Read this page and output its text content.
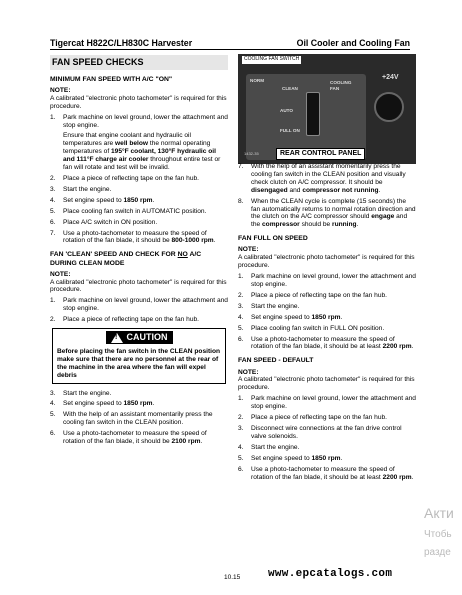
Tigercat H822C/LH830C Harvester	Oil Cooler and Cooling Fan
FAN SPEED CHECKS
MINIMUM FAN SPEED WITH A/C "ON"
NOTE:
A calibrated "electronic photo tachometer" is required for this procedure.
1. Park machine on level ground, lower the attachment and stop engine.
Ensure that engine coolant and hydraulic oil temperatures are well below the normal operating temperatures of 195°F coolant, 130°F hydraulic oil and 111°F charge air cooler throughout entire test or fan will rotate and test will be invalid.
2. Place a piece of reflecting tape on the fan hub.
3. Start the engine.
4. Set engine speed to 1850 rpm.
5. Place cooling fan switch in AUTOMATIC position.
6. Place A/C switch in ON position.
7. Use a photo-tachometer to measure the speed of rotation of the fan blade, it should be 800-1000 rpm.
FAN 'CLEAN' SPEED AND CHECK FOR NO A/C DURING CLEAN MODE
NOTE:
A calibrated "electronic photo tachometer" is required for this procedure.
1. Park machine on level ground, lower the attachment and stop engine.
2. Place a piece of reflecting tape on the fan hub.
! CAUTION
Before placing the fan switch in the CLEAN position make sure that there are no personnel at the rear of the machine in the area where the fan will expel debris
3. Start the engine.
4. Set engine speed to 1850 rpm.
5. With the help of an assistant momentarily press the cooling fan switch in the CLEAN position.
6. Use a photo-tachometer to measure the speed of rotation of the fan blade, it should be 2100 rpm.
NORM
CLEAN
AUTO
FULL ON
COOLING FAN
COOLING FAN SWITCH
+24V
1432-35	REAR CONTROL PANEL
7. With the help of an assistant momentarily press the cooling fan switch in the CLEAN position and visually check clutch on A/C compressor. It should be disengaged and compressor not running.
8. When the CLEAN cycle is complete (15 seconds) the fan automatically returns to normal rotation direction and the clutch on the A/C compressor should engage and the compressor should be running.
FAN FULL ON SPEED
NOTE:
A calibrated "electronic photo tachometer" is required for this procedure.
1. Park machine on level ground, lower the attachment and stop engine.
2. Place a piece of reflecting tape on the fan hub.
3. Start the engine.
4. Set engine speed to 1850 rpm.
5. Place cooling fan switch in FULL ON position.
6. Use a photo-tachometer to measure the speed of rotation of the fan blade, it should be at least 2200 rpm.
FAN SPEED - DEFAULT
NOTE:
A calibrated "electronic photo tachometer" is required for this procedure.
1. Park machine on level ground, lower the attachment and stop engine.
2. Place a piece of reflecting tape on the fan hub.
3. Disconnect wire connections at the fan drive control valve solenoids.
4. Start the engine.
5. Set engine speed to 1850 rpm.
6. Use a photo-tachometer to measure the speed of rotation of the fan blade, it should be at least 2200 rpm.
10.15	www.epcatalogs.com
Акти
Чтобь
разде
